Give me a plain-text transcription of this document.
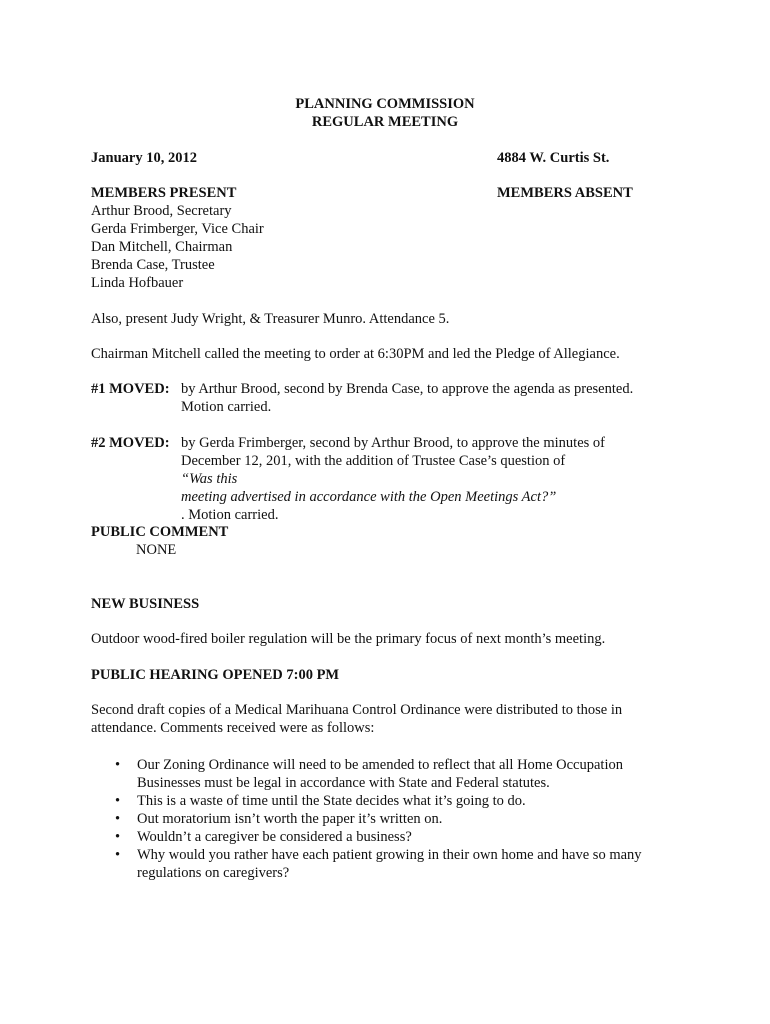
PLANNING COMMISSION

REGULAR MEETING

January 10, 2012	4884 W. Curtis St.

MEMBERS PRESENT	MEMBERS ABSENT

Arthur Brood, Secretary
Gerda Frimberger, Vice Chair
Dan Mitchell, Chairman
Brenda Case, Trustee
Linda Hofbauer

Also, present Judy Wright, & Treasurer Munro. Attendance 5.

Chairman Mitchell called the meeting to order at 6:30PM and led the Pledge of Allegiance.

#1 MOVED: by Arthur Brood, second by Brenda Case, to approve the agenda as presented.
Motion carried.
#2 MOVED: by Gerda Frimberger, second by Arthur Brood, to approve the minutes of
December 12, 201, with the addition of Trustee Case’s question of
“Was this
meeting advertised in accordance with the Open Meetings Act?”
. Motion carried.

PUBLIC COMMENT

NONE

NEW BUSINESS

Outdoor wood-fired boiler regulation will be the primary focus of next month’s meeting.

PUBLIC HEARING OPENED 7:00 PM

Second draft copies of a Medical Marihuana Control Ordinance were distributed to those in
attendance. Comments received were as follows:
• Our Zoning Ordinance will need to be amended to reflect that all Home Occupation
Businesses must be legal in accordance with State and Federal statutes.
• This is a waste of time until the State decides what it’s going to do.
• Out moratorium isn’t worth the paper it’s written on.
• Wouldn’t a caregiver be considered a business?
• Why would you rather have each patient growing in their own home and have so many
regulations on caregivers?
